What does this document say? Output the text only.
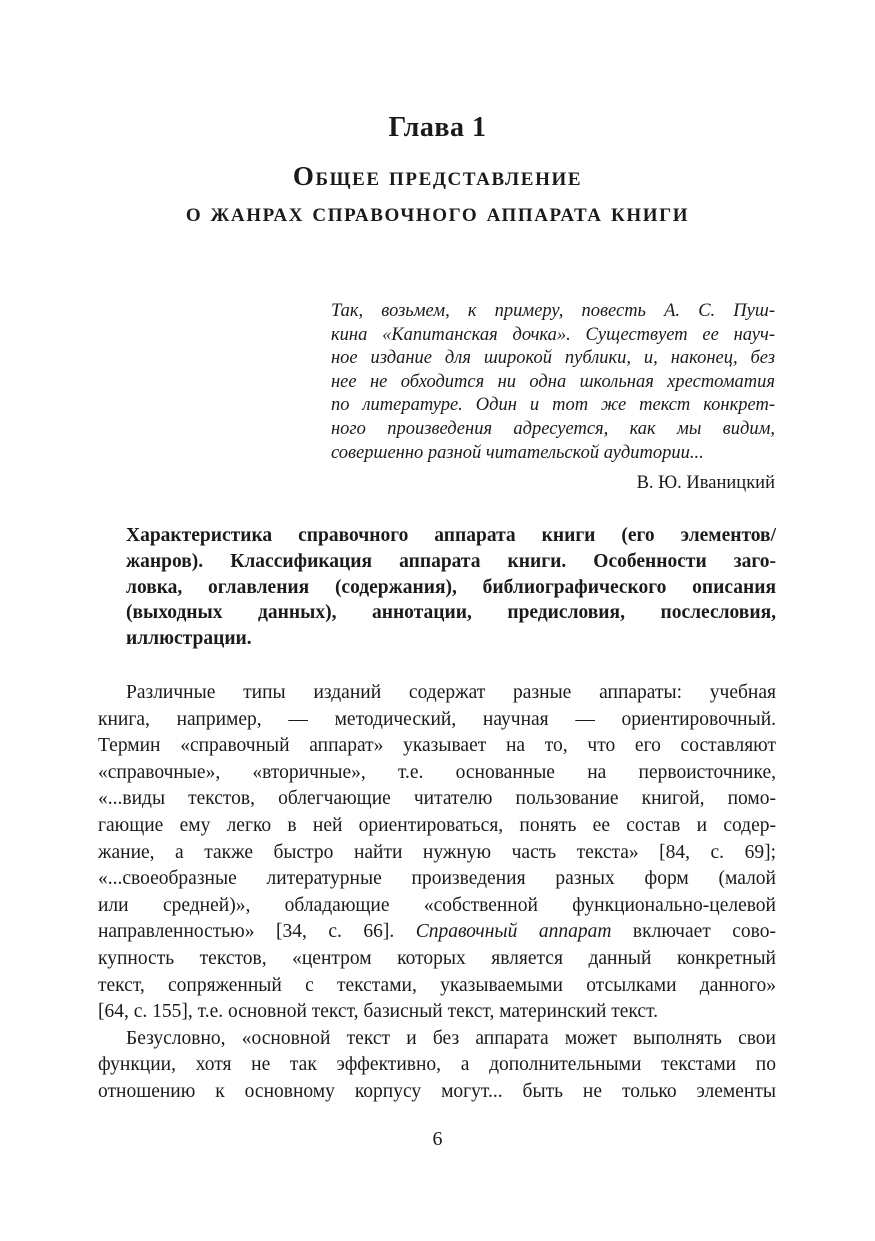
Глава 1
Общее представление
о жанрах справочного аппарата книги
Так, возьмем, к примеру, повесть А. С. Пуш-
кина «Капитанская дочка». Существует ее науч-
ное издание для широкой публики, и, наконец, без
нее не обходится ни одна школьная хрестоматия
по литературе. Один и тот же текст конкрет-
ного произведения адресуется, как мы видим,
совершенно разной читательской аудитории...
В. Ю. Иваницкий
Характеристика справочного аппарата книги (его элементов/
жанров). Классификация аппарата книги. Особенности заго-
ловка, оглавления (содержания), библиографического описания
(выходных данных), аннотации, предисловия, послесловия,
иллюстрации.
Различные типы изданий содержат разные аппараты: учебная
книга, например, — методический, научная — ориентировочный.
Термин «справочный аппарат» указывает на то, что его составляют
«справочные», «вторичные», т.е. основанные на первоисточнике,
«...виды текстов, облегчающие читателю пользование книгой, помо-
гающие ему легко в ней ориентироваться, понять ее состав и содер-
жание, а также быстро найти нужную часть текста» [84, с. 69];
«...своеобразные литературные произведения разных форм (малой
или средней)», обладающие «собственной функционально-целевой
направленностью» [34, с. 66]. Справочный аппарат включает сово-
купность текстов, «центром которых является данный конкретный
текст, сопряженный с текстами, указываемыми отсылками данного»
[64, с. 155], т.е. основной текст, базисный текст, материнский текст.
Безусловно, «основной текст и без аппарата может выполнять свои
функции, хотя не так эффективно, а дополнительными текстами по
отношению к основному корпусу могут... быть не только элементы
6
